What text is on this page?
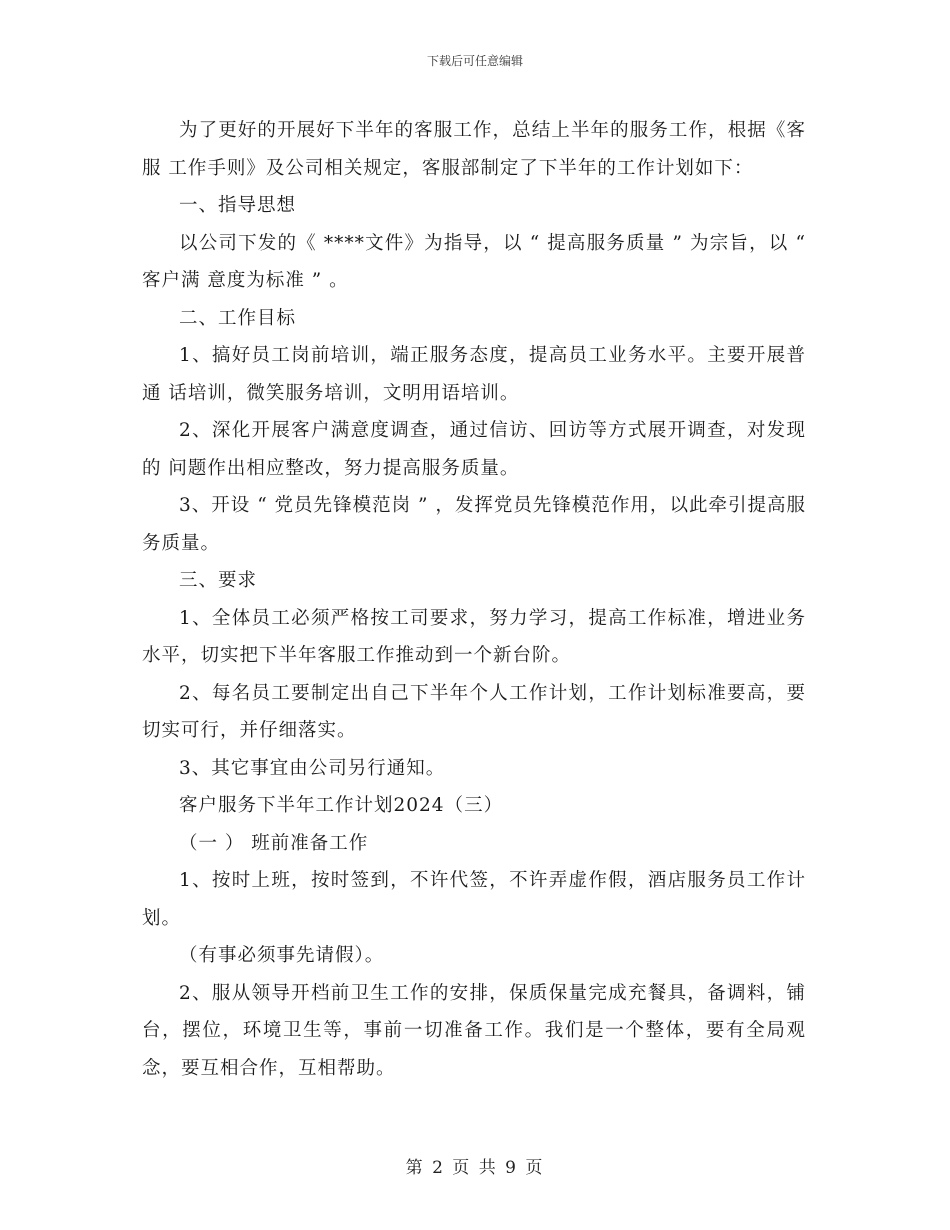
下载后可任意编辑

为了更好的开展好下半年的客服工作，总结上半年的服务工作，根据《客服 工作手则》及公司相关规定，客服部制定了下半年的工作计划如下：

一、指导思想

以公司下发的《 ****文件》为指导，以 “ 提高服务质量 ” 为宗旨，以 “ 客户满 意度为标准 ” 。

二、工作目标

1、搞好员工岗前培训，端正服务态度，提高员工业务水平。主要开展普通 话培训，微笑服务培训，文明用语培训。

2、深化开展客户满意度调查，通过信访、回访等方式展开调查，对发现的 问题作出相应整改，努力提高服务质量。

3、开设 “ 党员先锋模范岗 ” ，发挥党员先锋模范作用，以此牵引提高服务质量。

三、要求

1、全体员工必须严格按工司要求，努力学习，提高工作标准，增进业务水平，切实把下半年客服工作推动到一个新台阶。

2、每名员工要制定出自己下半年个人工作计划，工作计划标准要高，要切实可行，并仔细落实。

3、其它事宜由公司另行通知。

客户服务下半年工作计划2024（三）

（一 ） 班前准备工作

1、按时上班，按时签到，不许代签，不许弄虚作假，酒店服务员工作计划。

（有事必须事先请假）。

2、服从领导开档前卫生工作的安排，保质保量完成充餐具，备调料，铺台，摆位，环境卫生等，事前一切准备工作。我们是一个整体，要有全局观念，要互相合作，互相帮助。

第 2 页 共 9 页
